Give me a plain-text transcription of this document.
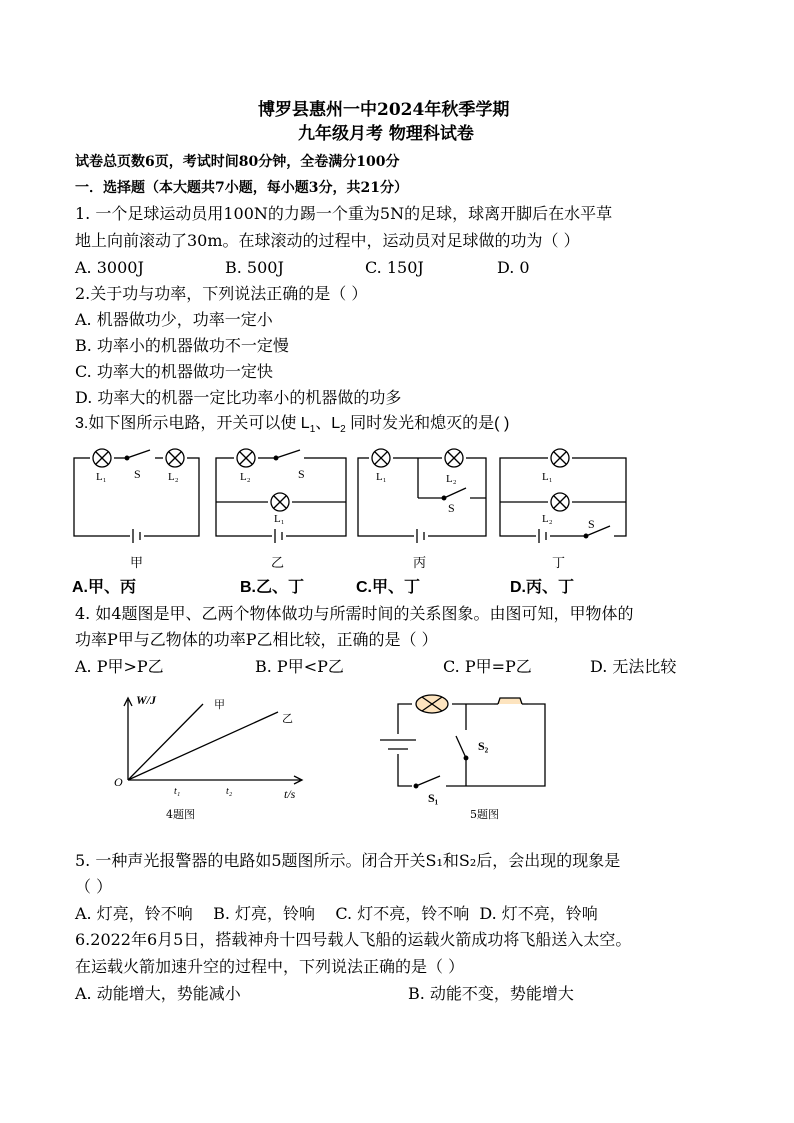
博罗县惠州一中2024年秋季学期
九年级月考 物理科试卷
试卷总页数6页，考试时间80分钟，全卷满分100分
一．选择题（本大题共7小题，每小题3分，共21分）
1. 一个足球运动员用100N的力踢一个重为5N的足球，球离开脚后在水平草
地上向前滚动了30m。在球滚动的过程中，运动员对足球做的功为（ ）
A. 3000J	B. 500J	C. 150J	D. 0
2.关于功与功率，下列说法正确的是（ ）
A. 机器做功少，功率一定小
B. 功率小的机器做功不一定慢
C. 功率大的机器做功一定快
D. 功率大的机器一定比功率小的机器做的功多
3.如下图所示电路，开关可以使 $L_1$、$L_2$ 同时发光和熄灭的是( )
L₁	L₂
S	L₂
L₁
S	L₁	L₂
S
L₁
L₂	S
甲	乙	丙	丁
A.甲、丙	B.乙、丁	C.甲、丁	D.丙、丁
4. 如4题图是甲、乙两个物体做功与所需时间的关系图象。由图可知，甲物体的
功率P甲与乙物体的功率P乙相比较，正确的是（ ）
A. P甲>P乙	B. P甲<P乙	C. P甲=P乙	D. 无法比较
W/J
t/s
O
t₁	t₂
甲
乙
4题图
S₂
S₁
5题图
5. 一种声光报警器的电路如5题图所示。闭合开关S₁和S₂后，会出现的现象是
（ ）
A. 灯亮，铃不响    B. 灯亮，铃响    C. 灯不亮，铃不响  D. 灯不亮，铃响
6.2022年6月5日，搭载神舟十四号载人飞船的运载火箭成功将飞船送入太空。
在运载火箭加速升空的过程中，下列说法正确的是（ ）
A. 动能增大，势能减小	B. 动能不变，势能增大
